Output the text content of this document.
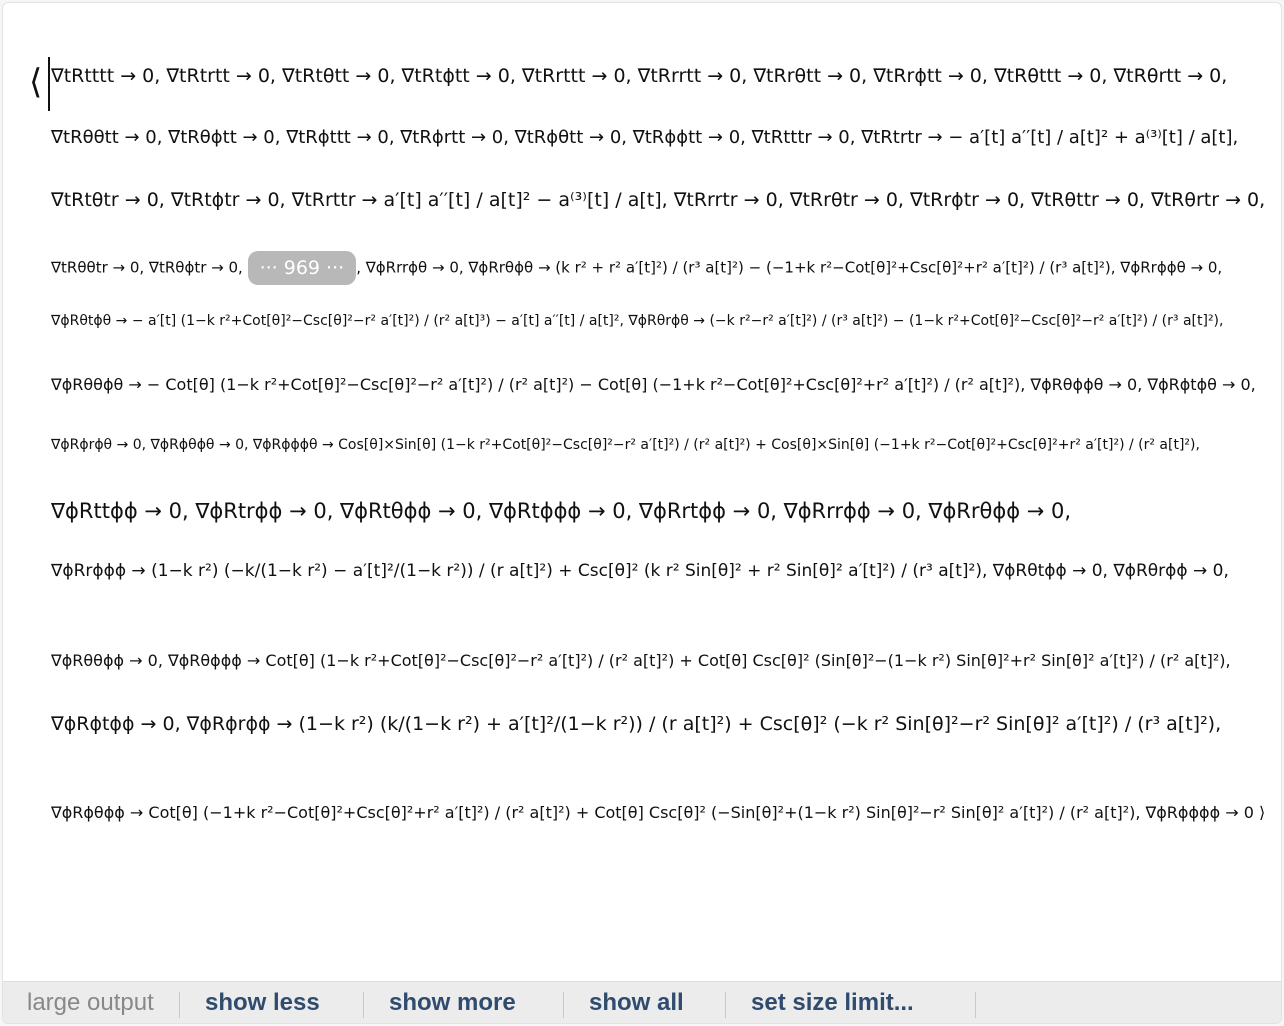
⟨ ∇tRtttt → 0, ∇tRtrtt → 0, ∇tRtθtt → 0, ∇tRtϕtt → 0, ∇tRrttt → 0, ∇tRrrtt → 0, ∇tRrθtt → 0, ∇tRrϕtt → 0, ∇tRθttt → 0, ∇tRθrtt → 0,
∇tRθθtt → 0, ∇tRθϕtt → 0, ∇tRϕttt → 0, ∇tRϕrtt → 0, ∇tRϕθtt → 0, ∇tRϕϕtt → 0, ∇tRtttr → 0, ∇tRtrtr → − a′[t] a′′[t] / a[t]² + a⁽³⁾[t] / a[t],
∇tRtθtr → 0, ∇tRtϕtr → 0, ∇tRrttr → a′[t] a′′[t] / a[t]² − a⁽³⁾[t] / a[t], ∇tRrrtr → 0, ∇tRrθtr → 0, ∇tRrϕtr → 0, ∇tRθttr → 0, ∇tRθrtr → 0,
∇tRθθtr → 0, ∇tRθϕtr → 0, ··· 969 ··· , ∇ϕRrrϕθ → 0, ∇ϕRrθϕθ → (k r² + r² a′[t]²) / (r³ a[t]²) − (−1+k r²−Cot[θ]²+Csc[θ]²+r² a′[t]²) / (r³ a[t]²), ∇ϕRrϕϕθ → 0,
∇ϕRθtϕθ → − a′[t] (1−k r²+Cot[θ]²−Csc[θ]²−r² a′[t]²) / (r² a[t]³) − a′[t] a′′[t] / a[t]², ∇ϕRθrϕθ → (−k r²−r² a′[t]²) / (r³ a[t]²) − (1−k r²+Cot[θ]²−Csc[θ]²−r² a′[t]²) / (r³ a[t]²),
∇ϕRθθϕθ → − Cot[θ] (1−k r²+Cot[θ]²−Csc[θ]²−r² a′[t]²) / (r² a[t]²) − Cot[θ] (−1+k r²−Cot[θ]²+Csc[θ]²+r² a′[t]²) / (r² a[t]²), ∇ϕRθϕϕθ → 0, ∇ϕRϕtϕθ → 0,
∇ϕRϕrϕθ → 0, ∇ϕRϕθϕθ → 0, ∇ϕRϕϕϕθ → Cos[θ]×Sin[θ] (1−k r²+Cot[θ]²−Csc[θ]²−r² a′[t]²) / (r² a[t]²) + Cos[θ]×Sin[θ] (−1+k r²−Cot[θ]²+Csc[θ]²+r² a′[t]²) / (r² a[t]²),
∇ϕRttϕϕ → 0, ∇ϕRtrϕϕ → 0, ∇ϕRtθϕϕ → 0, ∇ϕRtϕϕϕ → 0, ∇ϕRrtϕϕ → 0, ∇ϕRrrϕϕ → 0, ∇ϕRrθϕϕ → 0,
∇ϕRrϕϕϕ → (1−k r²) (−k/(1−k r²) − a′[t]²/(1−k r²)) / (r a[t]²) + Csc[θ]² (k r² Sin[θ]² + r² Sin[θ]² a′[t]²) / (r³ a[t]²), ∇ϕRθtϕϕ → 0, ∇ϕRθrϕϕ → 0,
∇ϕRθθϕϕ → 0, ∇ϕRθϕϕϕ → Cot[θ] (1−k r²+Cot[θ]²−Csc[θ]²−r² a′[t]²) / (r² a[t]²) + Cot[θ] Csc[θ]² (Sin[θ]²−(1−k r²) Sin[θ]²+r² Sin[θ]² a′[t]²) / (r² a[t]²),
∇ϕRϕtϕϕ → 0, ∇ϕRϕrϕϕ → (1−k r²) (k/(1−k r²) + a′[t]²/(1−k r²)) / (r a[t]²) + Csc[θ]² (−k r² Sin[θ]²−r² Sin[θ]² a′[t]²) / (r³ a[t]²),
∇ϕRϕθϕϕ → Cot[θ] (−1+k r²−Cot[θ]²+Csc[θ]²+r² a′[t]²) / (r² a[t]²) + Cot[θ] Csc[θ]² (−Sin[θ]²+(1−k r²) Sin[θ]²−r² Sin[θ]² a′[t]²) / (r² a[t]²), ∇ϕRϕϕϕϕ → 0 ⟩
large output show less	show more	show all	set size limit...
